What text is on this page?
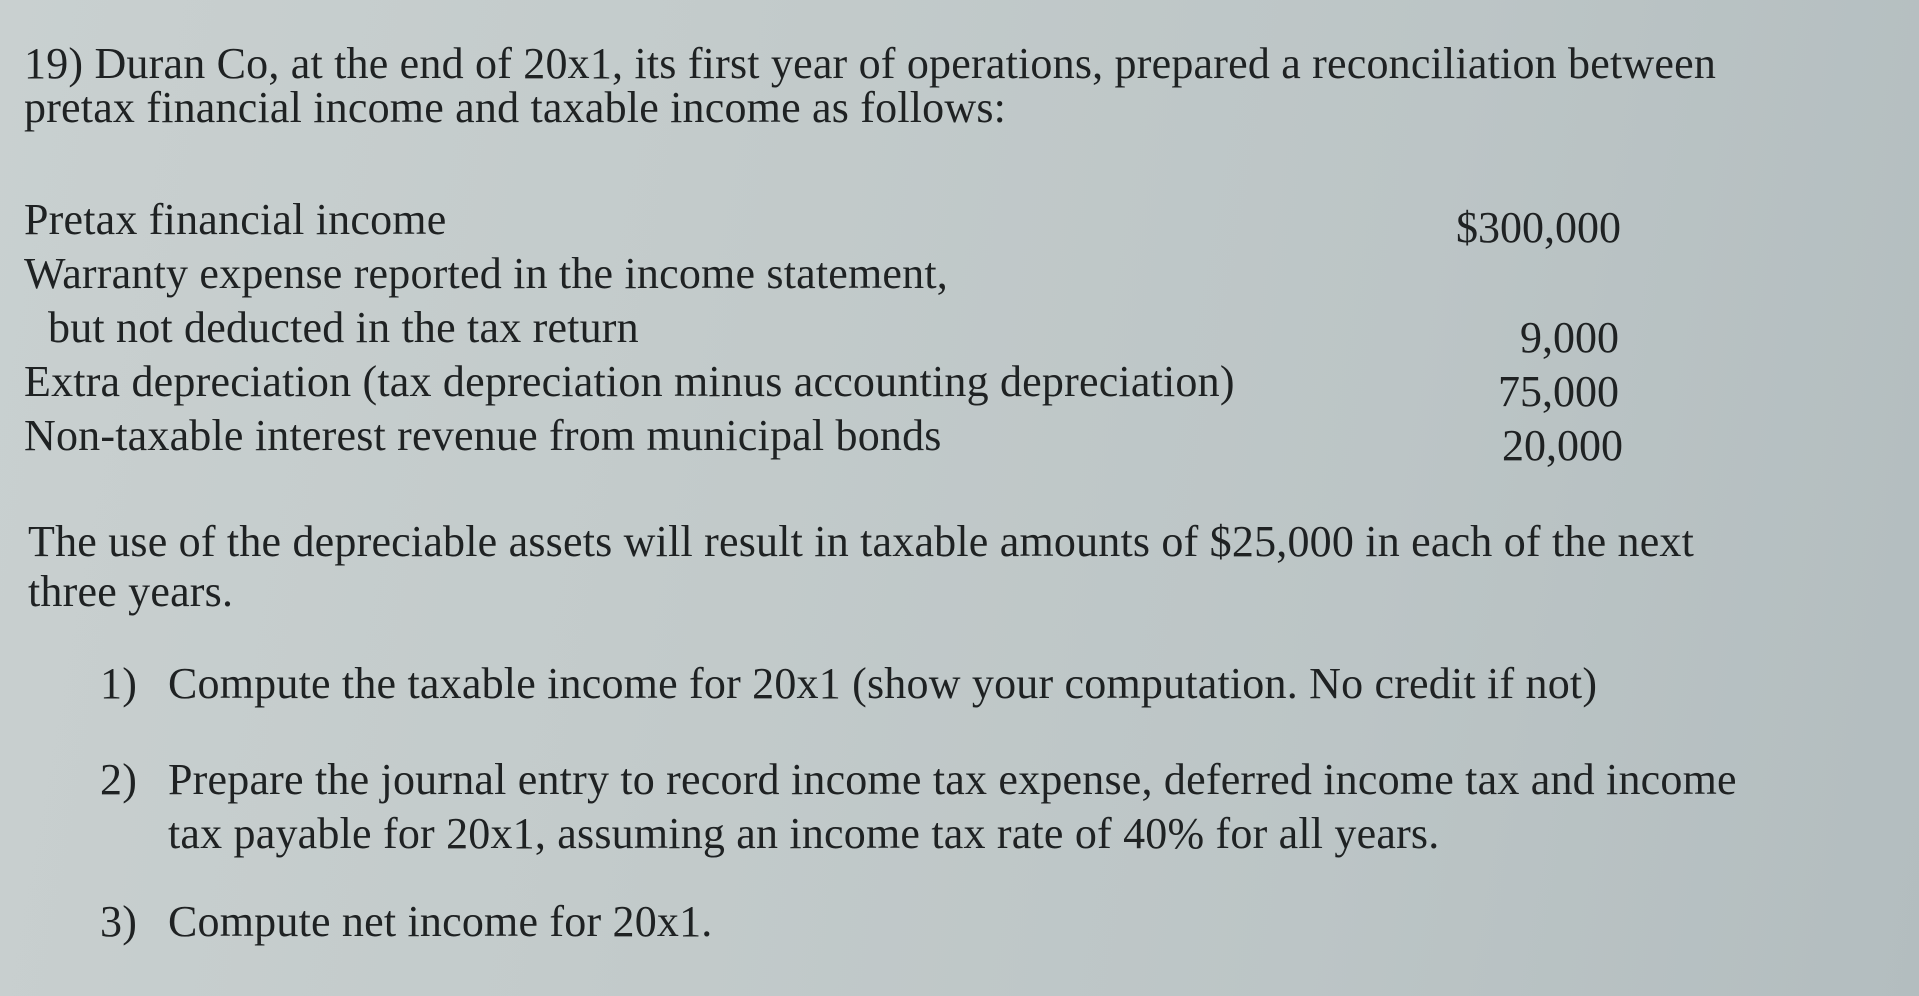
19) Duran Co, at the end of 20x1, its first year of operations, prepared a reconciliation between
pretax financial income and taxable income as follows:
Pretax financial income	$300,000
Warranty expense reported in the income statement,
but not deducted in the tax return	9,000
Extra depreciation (tax depreciation minus accounting depreciation)	75,000
Non-taxable interest revenue from municipal bonds	20,000
The use of the depreciable assets will result in taxable amounts of $25,000 in each of the next
three years.
1) Compute the taxable income for 20x1 (show your computation. No credit if not)
2) Prepare the journal entry to record income tax expense, deferred income tax and income
tax payable for 20x1, assuming an income tax rate of 40% for all years.
3) Compute net income for 20x1.
